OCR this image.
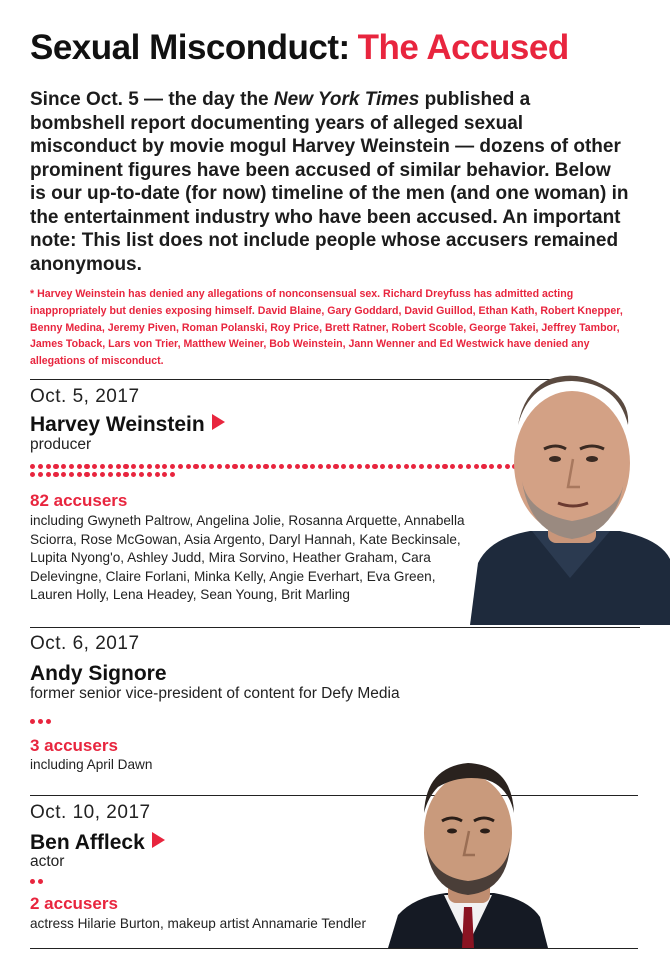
Sexual Misconduct: The Accused
Since Oct. 5 — the day the New York Times published a bombshell report documenting years of alleged sexual misconduct by movie mogul Harvey Weinstein — dozens of other prominent figures have been accused of similar behavior. Below is our up-to-date (for now) timeline of the men (and one woman) in the entertainment industry who have been accused. An important note: This list does not include people whose accusers remained anonymous.
* Harvey Weinstein has denied any allegations of nonconsensual sex. Richard Dreyfuss has admitted acting inappropriately but denies exposing himself. David Blaine, Gary Goddard, David Guillod, Ethan Kath, Robert Knepper, Benny Medina, Jeremy Piven, Roman Polanski, Roy Price, Brett Ratner, Robert Scoble, George Takei, Jeffrey Tambor, James Toback, Lars von Trier, Matthew Weiner, Bob Weinstein, Jann Wenner and Ed Westwick have denied any allegations of misconduct.
Oct. 5, 2017
Harvey Weinstein
producer
82 accusers
including Gwyneth Paltrow, Angelina Jolie, Rosanna Arquette, Annabella Sciorra, Rose McGowan, Asia Argento, Daryl Hannah, Kate Beckinsale, Lupita Nyong'o, Ashley Judd, Mira Sorvino, Heather Graham, Cara Delevingne, Claire Forlani, Minka Kelly, Angie Everhart, Eva Green, Lauren Holly, Lena Headey, Sean Young, Brit Marling
Oct. 6, 2017
Andy Signore
former senior vice-president of content for Defy Media
3 accusers
including April Dawn
Oct. 10, 2017
Ben Affleck
actor
2 accusers
actress Hilarie Burton, makeup artist Annamarie Tendler
